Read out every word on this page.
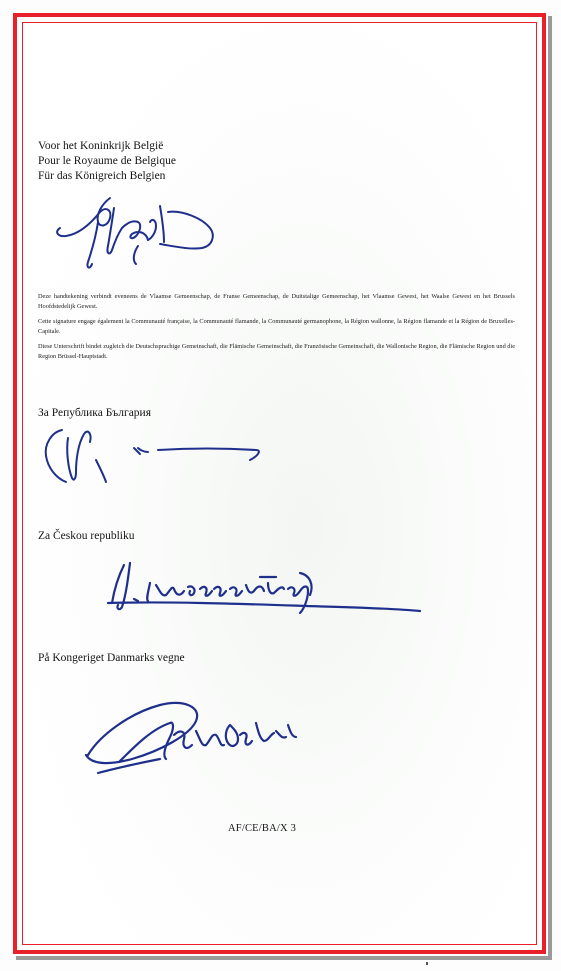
Voor het Koninkrijk België
Pour le Royaume de Belgique
Für das Königreich Belgien

Deze handtekening verbindt eveneens de Vlaamse Gemeenschap, de Franse Gemeenschap, de Duitstalige Gemeenschap, het Vlaamse Gewest, het Waalse Gewest en het Brussels Hoofdstedelijk Gewest.

Cette signature engage également la Communauté française, la Communauté flamande, la Communauté germanophone, la Région wallonne, la Région flamande et la Région de Bruxelles-Capitale.

Diese Unterschrift bindet zugleich die Deutschsprachige Gemeinschaft, die Flämische Gemeinschaft, die Französische Gemeinschaft, die Wallonische Region, die Flämische Region und die Region Brüssel-Hauptstadt.

За Република България
Za Českou republiku
På Kongeriget Danmarks vegne
AF/CE/BA/X 3
